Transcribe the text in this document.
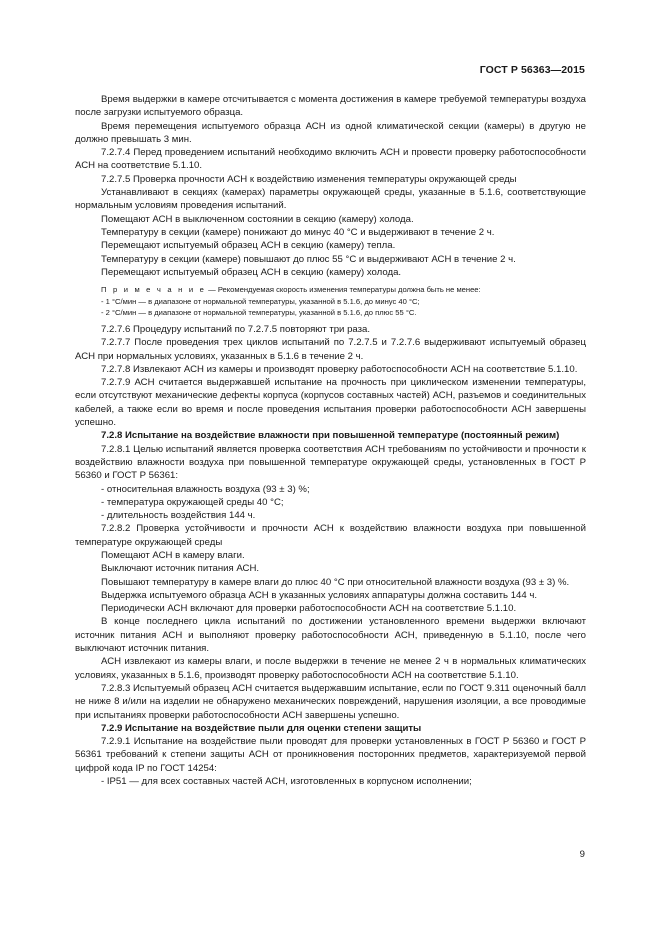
ГОСТ Р 56363—2015

Время выдержки в камере отсчитывается с момента достижения в камере требуемой температуры воздуха после загрузки испытуемого образца.

Время перемещения испытуемого образца АСН из одной климатической секции (камеры) в другую не должно превышать 3 мин.

7.2.7.4 Перед проведением испытаний необходимо включить АСН и провести проверку работоспособности АСН на соответствие 5.1.10.

7.2.7.5 Проверка прочности АСН к воздействию изменения температуры окружающей среды

Устанавливают в секциях (камерах) параметры окружающей среды, указанные в 5.1.6, соответствующие нормальным условиям проведения испытаний.

Помещают АСН в выключенном состоянии в секцию (камеру) холода.

Температуру в секции (камере) понижают до минус 40 °С и выдерживают в течение 2 ч.

Перемещают испытуемый образец АСН в секцию (камеру) тепла.

Температуру в секции (камере) повышают до плюс 55 °С и выдерживают АСН в течение 2 ч.

Перемещают испытуемый образец АСН в секцию (камеру) холода.

П р и м е ч а н и е — Рекомендуемая скорость изменения температуры должна быть не менее:

- 1 °С/мин — в диапазоне от нормальной температуры, указанной в 5.1.6, до минус 40 °С;

- 2 °С/мин — в диапазоне от нормальной температуры, указанной в 5.1.6, до плюс 55 °С.

7.2.7.6 Процедуру испытаний по 7.2.7.5 повторяют три раза.

7.2.7.7 После проведения трех циклов испытаний по 7.2.7.5 и 7.2.7.6 выдерживают испытуемый образец АСН при нормальных условиях, указанных в 5.1.6 в течение 2 ч.

7.2.7.8 Извлекают АСН из камеры и производят проверку работоспособности АСН на соответствие 5.1.10.

7.2.7.9 АСН считается выдержавшей испытание на прочность при циклическом изменении температуры, если отсутствуют механические дефекты корпуса (корпусов составных частей) АСН, разъемов и соединительных кабелей, а также если во время и после проведения испытания проверки работоспособности АСН завершены успешно.

7.2.8 Испытание на воздействие влажности при повышенной температуре (постоянный режим)

7.2.8.1 Целью испытаний является проверка соответствия АСН требованиям по устойчивости и прочности к воздействию влажности воздуха при повышенной температуре окружающей среды, установленных в ГОСТ Р 56360 и ГОСТ Р 56361:

- относительная влажность воздуха (93 ± 3) %;

- температура окружающей среды 40 °С;

- длительность воздействия 144 ч.

7.2.8.2 Проверка устойчивости и прочности АСН к воздействию влажности воздуха при повышенной температуре окружающей среды

Помещают АСН в камеру влаги.

Выключают источник питания АСН.

Повышают температуру в камере влаги до плюс 40 °С при относительной влажности воздуха (93 ± 3) %.

Выдержка испытуемого образца АСН в указанных условиях аппаратуры должна составить 144 ч.

Периодически АСН включают для проверки работоспособности АСН на соответствие 5.1.10.

В конце последнего цикла испытаний по достижении установленного времени выдержки включают источник питания АСН и выполняют проверку работоспособности АСН, приведенную в 5.1.10, после чего выключают источник питания.

АСН извлекают из камеры влаги, и после выдержки в течение не менее 2 ч в нормальных климатических условиях, указанных в 5.1.6, производят проверку работоспособности АСН на соответствие 5.1.10.

7.2.8.3 Испытуемый образец АСН считается выдержавшим испытание, если по ГОСТ 9.311 оценочный балл не ниже 8 и/или на изделии не обнаружено механических повреждений, нарушения изоляции, а все проводимые при испытаниях проверки работоспособности АСН завершены успешно.

7.2.9 Испытание на воздействие пыли для оценки степени защиты

7.2.9.1 Испытание на воздействие пыли проводят для проверки установленных в ГОСТ Р 56360 и ГОСТ Р 56361 требований к степени защиты АСН от проникновения посторонних предметов, характеризуемой первой цифрой кода IP по ГОСТ 14254:

- IP51 — для всех составных частей АСН, изготовленных в корпусном исполнении;

9
